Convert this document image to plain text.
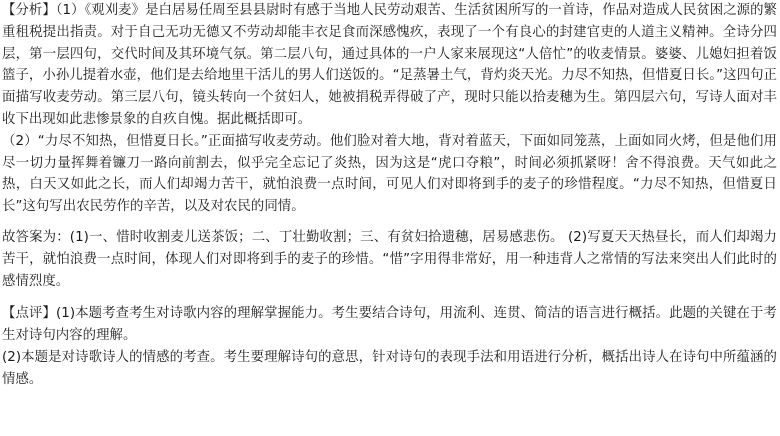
【分析】（1）《观刈麦》是白居易任周至县县尉时有感于当地人民劳动艰苦、生活贫困所写的一首诗，作品对造成人民贫困之源的繁重租税提出指责。对于自己无功无德又不劳动却能丰衣足食而深感愧疚，表现了一个有良心的封建官吏的人道主义精神。全诗分四层，第一层四句，交代时间及其环境气氛。第二层八句，通过具体的一户人家来展现这“人倍忙”的收麦情景。婆婆、儿媳妇担着饭篮子，小孙儿提着水壶，他们是去给地里干活儿的男人们送饭的。“足蒸暑土气，背灼炎天光。力尽不知热，但惜夏日长。”这四句正面描写收麦劳动。第三层八句，镜头转向一个贫妇人，她被捐税弄得破了产，现时只能以拾麦穗为生。第四层六句，写诗人面对丰收下出现如此悲惨景象的自疚自愧。据此概括即可。

（2）“力尽不知热，但惜夏日长。”正面描写收麦劳动。他们脸对着大地，背对着蓝天，下面如同笼蒸，上面如同火烤，但是他们用尽一切力量挥舞着镰刀一路向前割去，似乎完全忘记了炎热，因为这是“虎口夺粮”，时间必须抓紧呀！舍不得浪费。天气如此之热，白天又如此之长，而人们却竭力苦干，就怕浪费一点时间，可见人们对即将到手的麦子的珍惜程度。“力尽不知热，但惜夏日长”这句写出农民劳作的辛苦，以及对农民的同情。

故答案为：(1)一、惜时收割麦儿送茶饭；二、丁壮勤收割；三、有贫妇拾遗穗，居易感悲伤。 (2)写夏天天热昼长，而人们却竭力苦干，就怕浪费一点时间，体现人们对即将到手的麦子的珍惜。“惜”字用得非常好，用一种违背人之常情的写法来突出人们此时的感情烈度。

【点评】(1)本题考查考生对诗歌内容的理解掌握能力。考生要结合诗句，用流利、连贯、简洁的语言进行概括。此题的关键在于考生对诗句内容的理解。

(2)本题是对诗歌诗人的情感的考查。考生要理解诗句的意思，针对诗句的表现手法和用语进行分析，概括出诗人在诗句中所蕴涵的情感。
